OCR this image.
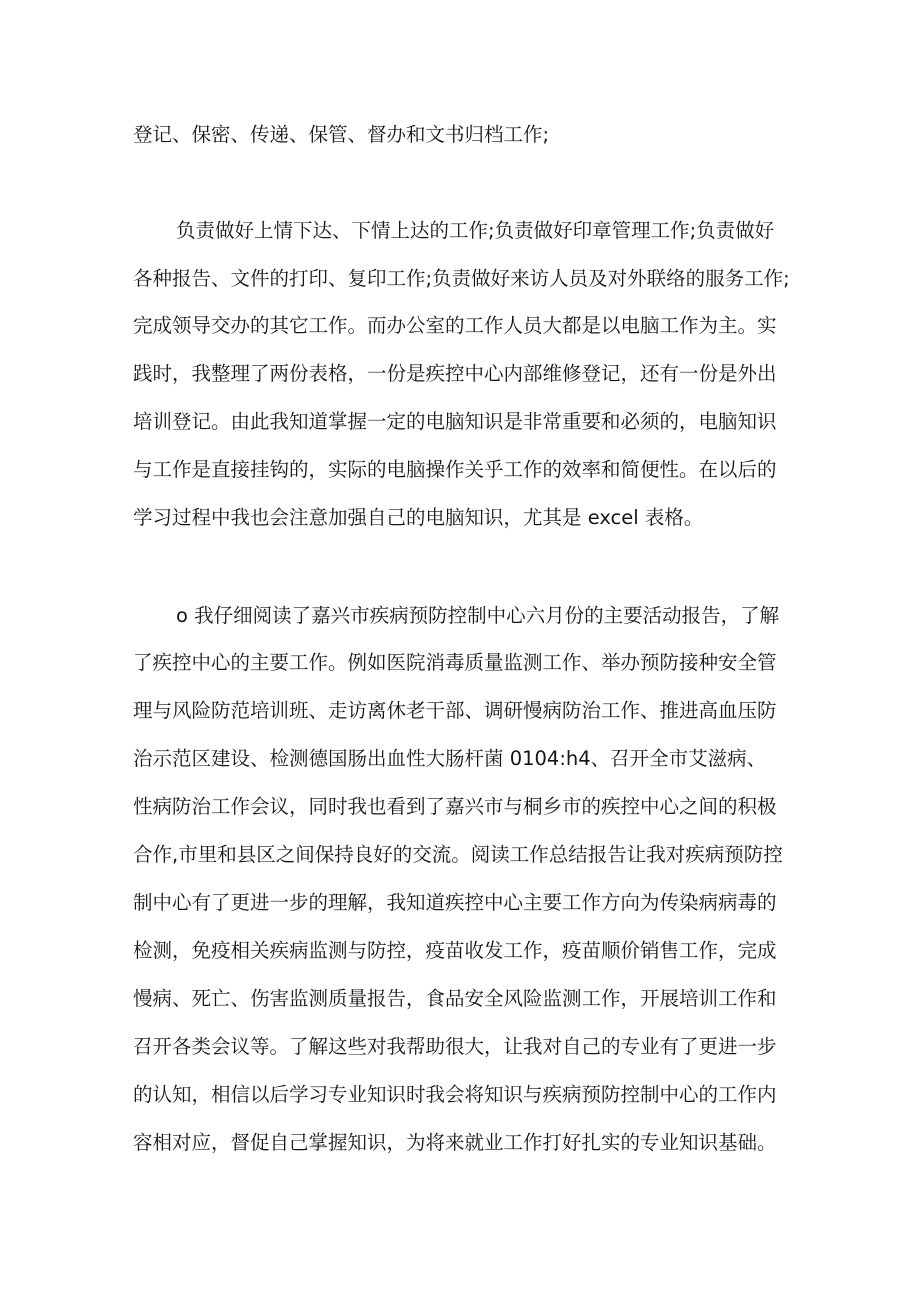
登记、保密、传递、保管、督办和文书归档工作;

负责做好上情下达、下情上达的工作;负责做好印章管理工作;负责做好

各种报告、文件的打印、复印工作;负责做好来访人员及对外联络的服务工作;

完成领导交办的其它工作。而办公室的工作人员大都是以电脑工作为主。实

践时，我整理了两份表格，一份是疾控中心内部维修登记，还有一份是外出

培训登记。由此我知道掌握一定的电脑知识是非常重要和必须的，电脑知识

与工作是直接挂钩的，实际的电脑操作关乎工作的效率和简便性。在以后的

学习过程中我也会注意加强自己的电脑知识，尤其是 excel 表格。

o 我仔细阅读了嘉兴市疾病预防控制中心六月份的主要活动报告，了解

了疾控中心的主要工作。例如医院消毒质量监测工作、举办预防接种安全管

理与风险防范培训班、走访离休老干部、调研慢病防治工作、推进高血压防

治示范区建设、检测德国肠出血性大肠杆菌 0104:h4、召开全市艾滋病、

性病防治工作会议，同时我也看到了嘉兴市与桐乡市的疾控中心之间的积极

合作,市里和县区之间保持良好的交流。阅读工作总结报告让我对疾病预防控

制中心有了更进一步的理解，我知道疾控中心主要工作方向为传染病病毒的

检测，免疫相关疾病监测与防控，疫苗收发工作，疫苗顺价销售工作，完成

慢病、死亡、伤害监测质量报告，食品安全风险监测工作，开展培训工作和

召开各类会议等。了解这些对我帮助很大，让我对自己的专业有了更进一步

的认知，相信以后学习专业知识时我会将知识与疾病预防控制中心的工作内

容相对应，督促自己掌握知识，为将来就业工作打好扎实的专业知识基础。
